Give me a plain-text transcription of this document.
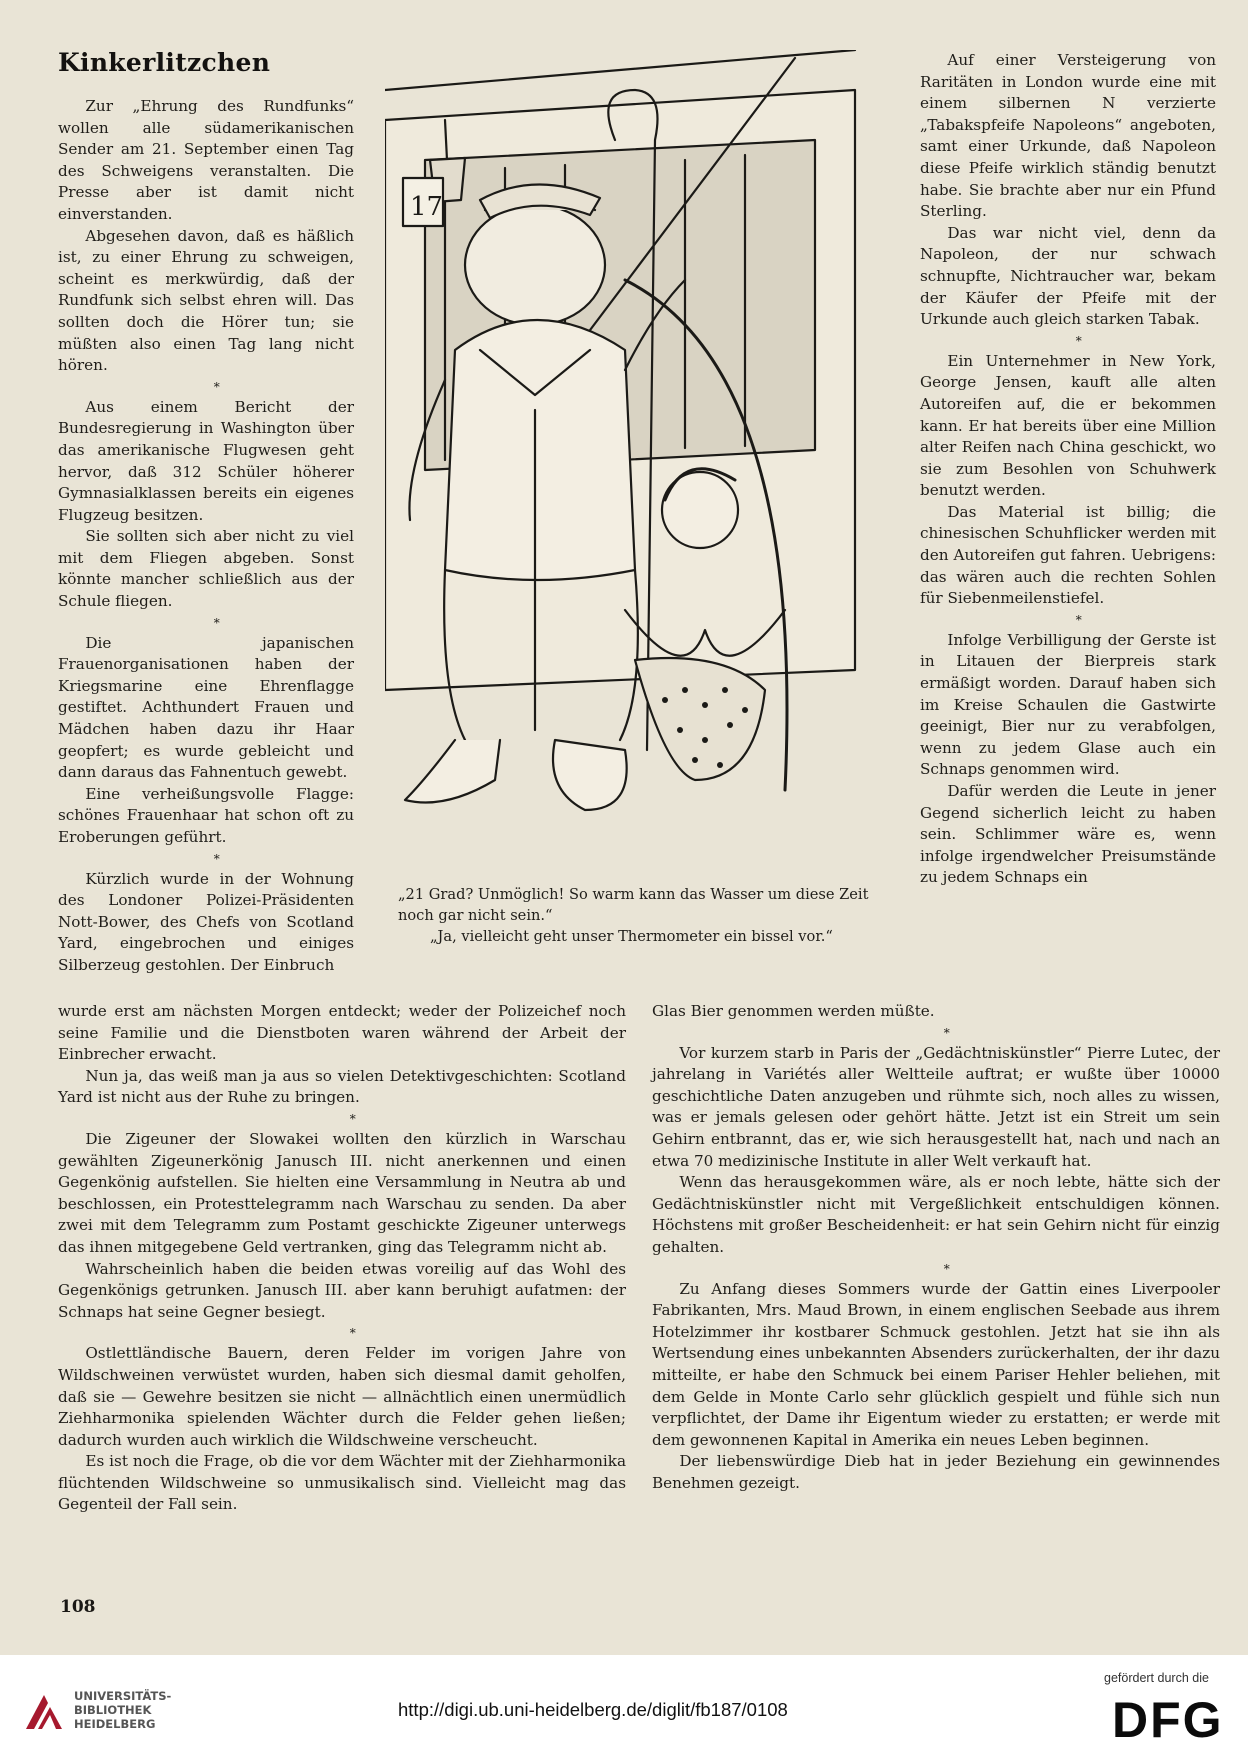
Kinkerlitzchen

Zur „Ehrung des Rundfunks“ wollen alle südamerikanischen Sender am 21. September einen Tag des Schweigens veranstalten. Die Presse aber ist damit nicht einverstanden.

Abgesehen davon, daß es häßlich ist, zu einer Ehrung zu schweigen, scheint es merkwürdig, daß der Rundfunk sich selbst ehren will. Das sollten doch die Hörer tun; sie müßten also einen Tag lang nicht hören.

*

Aus einem Bericht der Bundesregierung in Washington über das amerikanische Flugwesen geht hervor, daß 312 Schüler höherer Gymnasialklassen bereits ein eigenes Flugzeug besitzen.

Sie sollten sich aber nicht zu viel mit dem Fliegen abgeben. Sonst könnte mancher schließlich aus der Schule fliegen.

*

Die japanischen Frauenorganisationen haben der Kriegsmarine eine Ehrenflagge gestiftet. Achthundert Frauen und Mädchen haben dazu ihr Haar geopfert; es wurde gebleicht und dann daraus das Fahnentuch gewebt.

Eine verheißungsvolle Flagge: schönes Frauenhaar hat schon oft zu Eroberungen geführt.

*

Kürzlich wurde in der Wohnung des Londoner Polizei-Präsidenten Nott-Bower, des Chefs von Scotland Yard, eingebrochen und einiges Silberzeug gestohlen. Der Einbruch

17

„21 Grad? Unmöglich! So warm kann das Wasser um diese Zeit noch gar nicht sein.“

„Ja, vielleicht geht unser Thermometer ein bissel vor.“

Auf einer Versteigerung von Raritäten in London wurde eine mit einem silbernen N verzierte „Tabakspfeife Napoleons“ angeboten, samt einer Urkunde, daß Napoleon diese Pfeife wirklich ständig benutzt habe. Sie brachte aber nur ein Pfund Sterling.

Das war nicht viel, denn da Napoleon, der nur schwach schnupfte, Nichtraucher war, bekam der Käufer der Pfeife mit der Urkunde auch gleich starken Tabak.

*

Ein Unternehmer in New York, George Jensen, kauft alle alten Autoreifen auf, die er bekommen kann. Er hat bereits über eine Million alter Reifen nach China geschickt, wo sie zum Besohlen von Schuhwerk benutzt werden.

Das Material ist billig; die chinesischen Schuhflicker werden mit den Autoreifen gut fahren. Uebrigens: das wären auch die rechten Sohlen für Siebenmeilenstiefel.

*

Infolge Verbilligung der Gerste ist in Litauen der Bierpreis stark ermäßigt worden. Darauf haben sich im Kreise Schaulen die Gastwirte geeinigt, Bier nur zu verabfolgen, wenn zu jedem Glase auch ein Schnaps genommen wird.

Dafür werden die Leute in jener Gegend sicherlich leicht zu haben sein. Schlimmer wäre es, wenn infolge irgendwelcher Preisumstände zu jedem Schnaps ein

wurde erst am nächsten Morgen entdeckt; weder der Polizeichef noch seine Familie und die Dienstboten waren während der Arbeit der Einbrecher erwacht.

Nun ja, das weiß man ja aus so vielen Detektivgeschichten: Scotland Yard ist nicht aus der Ruhe zu bringen.

*

Die Zigeuner der Slowakei wollten den kürzlich in Warschau gewählten Zigeunerkönig Janusch III. nicht anerkennen und einen Gegenkönig aufstellen. Sie hielten eine Versammlung in Neutra ab und beschlossen, ein Protesttelegramm nach Warschau zu senden. Da aber zwei mit dem Telegramm zum Postamt geschickte Zigeuner unterwegs das ihnen mitgegebene Geld vertranken, ging das Telegramm nicht ab.

Wahrscheinlich haben die beiden etwas voreilig auf das Wohl des Gegenkönigs getrunken. Janusch III. aber kann beruhigt aufatmen: der Schnaps hat seine Gegner besiegt.

*

Ostlettländische Bauern, deren Felder im vorigen Jahre von Wildschweinen verwüstet wurden, haben sich diesmal damit geholfen, daß sie — Gewehre besitzen sie nicht — allnächtlich einen unermüdlich Ziehharmonika spielenden Wächter durch die Felder gehen ließen; dadurch wurden auch wirklich die Wildschweine verscheucht.

Es ist noch die Frage, ob die vor dem Wächter mit der Ziehharmonika flüchtenden Wildschweine so unmusikalisch sind. Vielleicht mag das Gegenteil der Fall sein.

Glas Bier genommen werden müßte.

*

Vor kurzem starb in Paris der „Gedächtniskünstler“ Pierre Lutec, der jahrelang in Variétés aller Weltteile auftrat; er wußte über 10000 geschichtliche Daten anzugeben und rühmte sich, noch alles zu wissen, was er jemals gelesen oder gehört hätte. Jetzt ist ein Streit um sein Gehirn entbrannt, das er, wie sich herausgestellt hat, nach und nach an etwa 70 medizinische Institute in aller Welt verkauft hat.

Wenn das herausgekommen wäre, als er noch lebte, hätte sich der Gedächtniskünstler nicht mit Vergeßlichkeit entschuldigen können. Höchstens mit großer Bescheidenheit: er hat sein Gehirn nicht für einzig gehalten.

*

Zu Anfang dieses Sommers wurde der Gattin eines Liverpooler Fabrikanten, Mrs. Maud Brown, in einem englischen Seebade aus ihrem Hotelzimmer ihr kostbarer Schmuck gestohlen. Jetzt hat sie ihn als Wertsendung eines unbekannten Absenders zurückerhalten, der ihr dazu mitteilte, er habe den Schmuck bei einem Pariser Hehler beliehen, mit dem Gelde in Monte Carlo sehr glücklich gespielt und fühle sich nun verpflichtet, der Dame ihr Eigentum wieder zu erstatten; er werde mit dem gewonnenen Kapital in Amerika ein neues Leben beginnen.

Der liebenswürdige Dieb hat in jeder Beziehung ein gewinnendes Benehmen gezeigt.

108
UNIVERSITÄTS-
BIBLIOTHEK
HEIDELBERG
http://digi.ub.uni-heidelberg.de/diglit/fb187/0108
gefördert durch die
DFG
